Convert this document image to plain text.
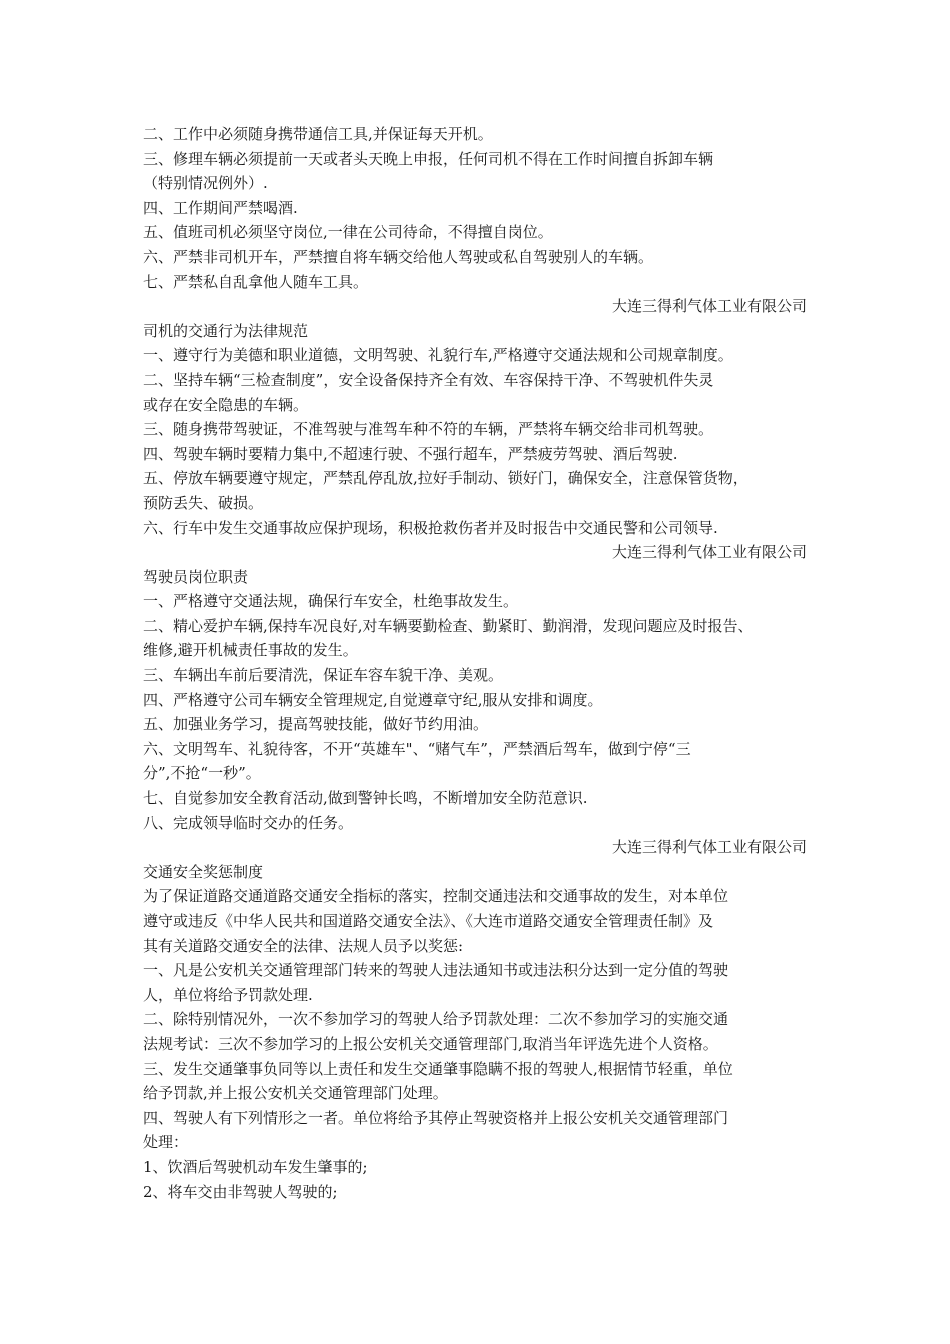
二、工作中必须随身携带通信工具,并保证每天开机。
三、修理车辆必须提前一天或者头天晚上申报，任何司机不得在工作时间擅自拆卸车辆
（特别情况例外）.
四、工作期间严禁喝酒.
五、值班司机必须坚守岗位,一律在公司待命，不得擅自岗位。
六、严禁非司机开车，严禁擅自将车辆交给他人驾驶或私自驾驶别人的车辆。
七、严禁私自乱拿他人随车工具。
大连三得利气体工业有限公司
司机的交通行为法律规范
一、遵守行为美德和职业道德，文明驾驶、礼貌行车,严格遵守交通法规和公司规章制度。
二、坚持车辆“三检查制度”，安全设备保持齐全有效、车容保持干净、不驾驶机件失灵
或存在安全隐患的车辆。
三、随身携带驾驶证，不准驾驶与准驾车种不符的车辆，严禁将车辆交给非司机驾驶。
四、驾驶车辆时要精力集中,不超速行驶、不强行超车，严禁疲劳驾驶、酒后驾驶.
五、停放车辆要遵守规定，严禁乱停乱放,拉好手制动、锁好门，确保安全，注意保管货物，
预防丢失、破损。
六、行车中发生交通事故应保护现场，积极抢救伤者并及时报告中交通民警和公司领导.
大连三得利气体工业有限公司
驾驶员岗位职责
一、严格遵守交通法规，确保行车安全，杜绝事故发生。
二、精心爱护车辆,保持车况良好,对车辆要勤检查、勤紧盯、勤润滑，发现问题应及时报告、
维修,避开机械责任事故的发生。
三、车辆出车前后要清洗，保证车容车貌干净、美观。
四、严格遵守公司车辆安全管理规定,自觉遵章守纪,服从安排和调度。
五、加强业务学习，提高驾驶技能，做好节约用油。
六、文明驾车、礼貌待客，不开“英雄车"、“赌气车”，严禁酒后驾车，做到宁停“三
分”,不抢“一秒”。
七、自觉参加安全教育活动,做到警钟长鸣，不断增加安全防范意识.
八、完成领导临时交办的任务。
大连三得利气体工业有限公司
交通安全奖惩制度
为了保证道路交通道路交通安全指标的落实，控制交通违法和交通事故的发生，对本单位
遵守或违反《中华人民共和国道路交通安全法》、《大连市道路交通安全管理责任制》及
其有关道路交通安全的法律、法规人员予以奖惩:
一、凡是公安机关交通管理部门转来的驾驶人违法通知书或违法积分达到一定分值的驾驶
人，单位将给予罚款处理.
二、除特别情况外，一次不参加学习的驾驶人给予罚款处理：二次不参加学习的实施交通
法规考试：三次不参加学习的上报公安机关交通管理部门,取消当年评选先进个人资格。
三、发生交通肇事负同等以上责任和发生交通肇事隐瞒不报的驾驶人,根据情节轻重，单位
给予罚款,并上报公安机关交通管理部门处理。
四、驾驶人有下列情形之一者。单位将给予其停止驾驶资格并上报公安机关交通管理部门
处理：
1、饮酒后驾驶机动车发生肇事的;
2、将车交由非驾驶人驾驶的;
